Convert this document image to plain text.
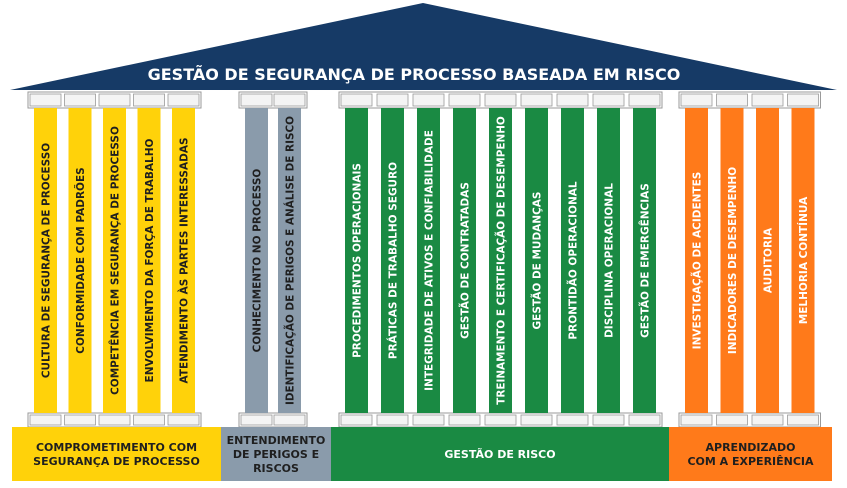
GESTÃO DE SEGURANÇA DE PROCESSO BASEADA EM RISCO
CULTURA DE SEGURANÇA DE PROCESSO CONFORMIDADE COM PADRÕES COMPETÊNCIA EM SEGURANÇA DE PROCESSO ENVOLVIMENTO DA FORÇA DE TRABALHO ATENDIMENTO ÀS PARTES INTERESSADAS	CONHECIMENTO NO PROCESSO IDENTIFICAÇÃO DE PERIGOS E ANÁLISE DE RISCO	PROCEDIMENTOS OPERACIONAIS PRÁTICAS DE TRABALHO SEGURO INTEGRIDADE DE ATIVOS E CONFIABILIDADE GESTÃO DE CONTRATADAS TREINAMENTO E CERTIFICAÇÃO DE DESEMPENHO GESTÃO DE MUDANÇAS PRONTIDÃO OPERACIONAL DISCIPLINA OPERACIONAL GESTÃO DE EMERGÊNCIAS	INVESTIGAÇÃO DE ACIDENTES INDICADORES DE DESEMPENHO AUDITORIA MELHORIA CONTÍNUA
COMPROMETIMENTO COM
SEGURANÇA DE PROCESSO
ENTENDIMENTO
DE PERIGOS E
RISCOS
GESTÃO DE RISCO
APRENDIZADO
COM A EXPERIÊNCIA
